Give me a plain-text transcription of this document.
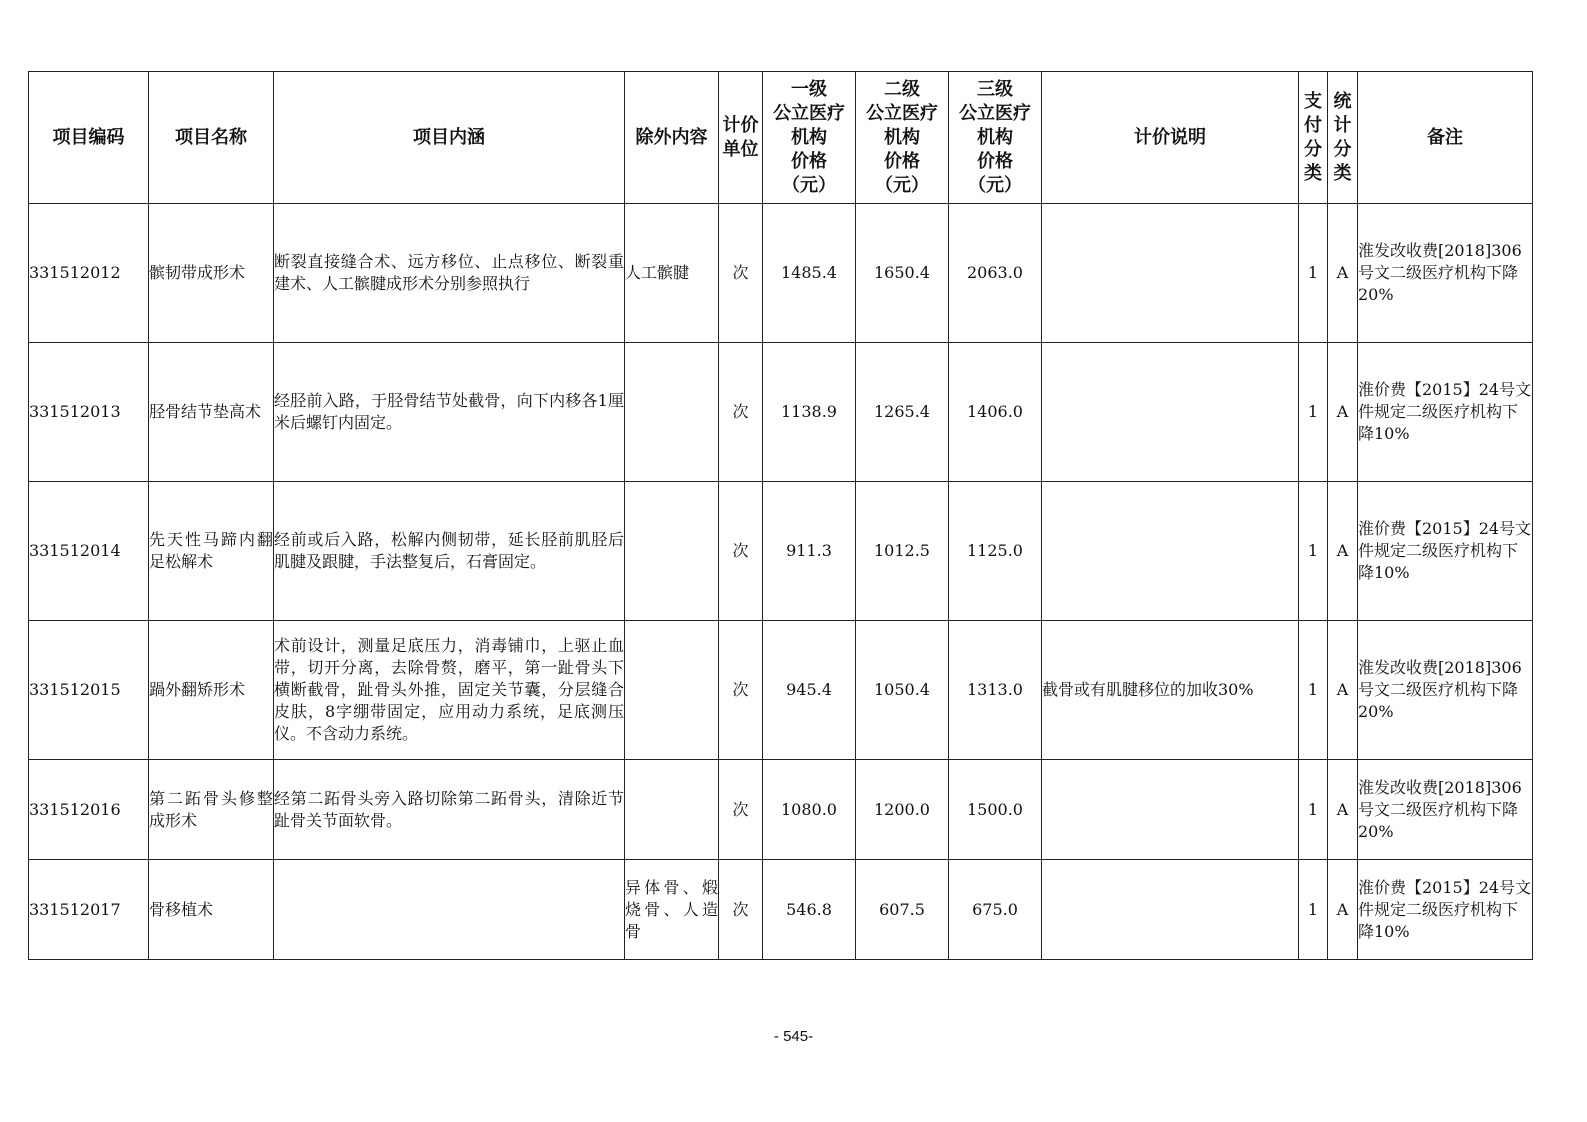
项目编码	项目名称	项目内涵	除外内容	计价单位	一级
公立医疗
机构
价格
（元）	二级
公立医疗
机构
价格
（元）	三级
公立医疗
机构
价格
（元）	计价说明	支付分类	统计分类	备注
331512012	髌韧带成形术	断裂直接缝合术、远方移位、止点移位、断裂重建术、人工髌腱成形术分别参照执行	人工髌腱	次	1485.4	1650.4	2063.0		1	A	淮发改收费[2018]306号文二级医疗机构下降20%
331512013	胫骨结节垫高术	经胫前入路，于胫骨结节处截骨，向下内移各1厘米后螺钉内固定。		次	1138.9	1265.4	1406.0		1	A	淮价费【2015】24号文件规定二级医疗机构下降10%
331512014	先天性马蹄内翻足松解术	经前或后入路，松解内侧韧带，延长胫前肌胫后肌腱及跟腱，手法整复后，石膏固定。		次	911.3	1012.5	1125.0		1	A	淮价费【2015】24号文件规定二级医疗机构下降10%
331512015	踻外翻矫形术	术前设计，测量足底压力，消毒铺巾，上驱止血带，切开分离，去除骨赘，磨平，第一趾骨头下横断截骨，趾骨头外推，固定关节囊，分层缝合皮肤，8字绷带固定，应用动力系统，足底测压仪。不含动力系统。		次	945.4	1050.4	1313.0	截骨或有肌腱移位的加收30%	1	A	淮发改收费[2018]306号文二级医疗机构下降20%
331512016	第二跖骨头修整成形术	经第二跖骨头旁入路切除第二跖骨头，清除近节趾骨关节面软骨。		次	1080.0	1200.0	1500.0		1	A	淮发改收费[2018]306号文二级医疗机构下降20%
331512017	骨移植术		异体骨、煅烧骨、人造骨	次	546.8	607.5	675.0		1	A	淮价费【2015】24号文件规定二级医疗机构下降10%
- 545-
